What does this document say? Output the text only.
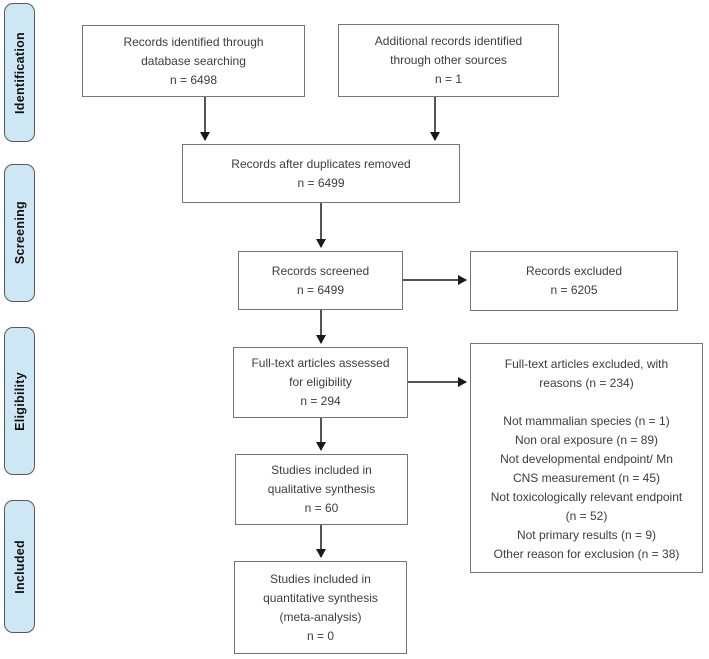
Identification
Screening
Eligibility
Included
Records identified through
database searching
n = 6498
Additional records identified
through other sources
n = 1
Records after duplicates removed
n = 6499
Records screened
n = 6499
Records excluded
n = 6205
Full-text articles assessed
for eligibility
n = 294
Full-text articles excluded, with
reasons (n = 234)
Not mammalian species (n = 1)
Non oral exposure (n = 89)
Not developmental endpoint/ Mn
CNS measurement (n = 45)
Not toxicologically relevant endpoint
(n = 52)
Not primary results (n = 9)
Other reason for exclusion (n = 38)
Studies included in
qualitative synthesis
n = 60
Studies included in
quantitative synthesis
(meta-analysis)
n = 0
